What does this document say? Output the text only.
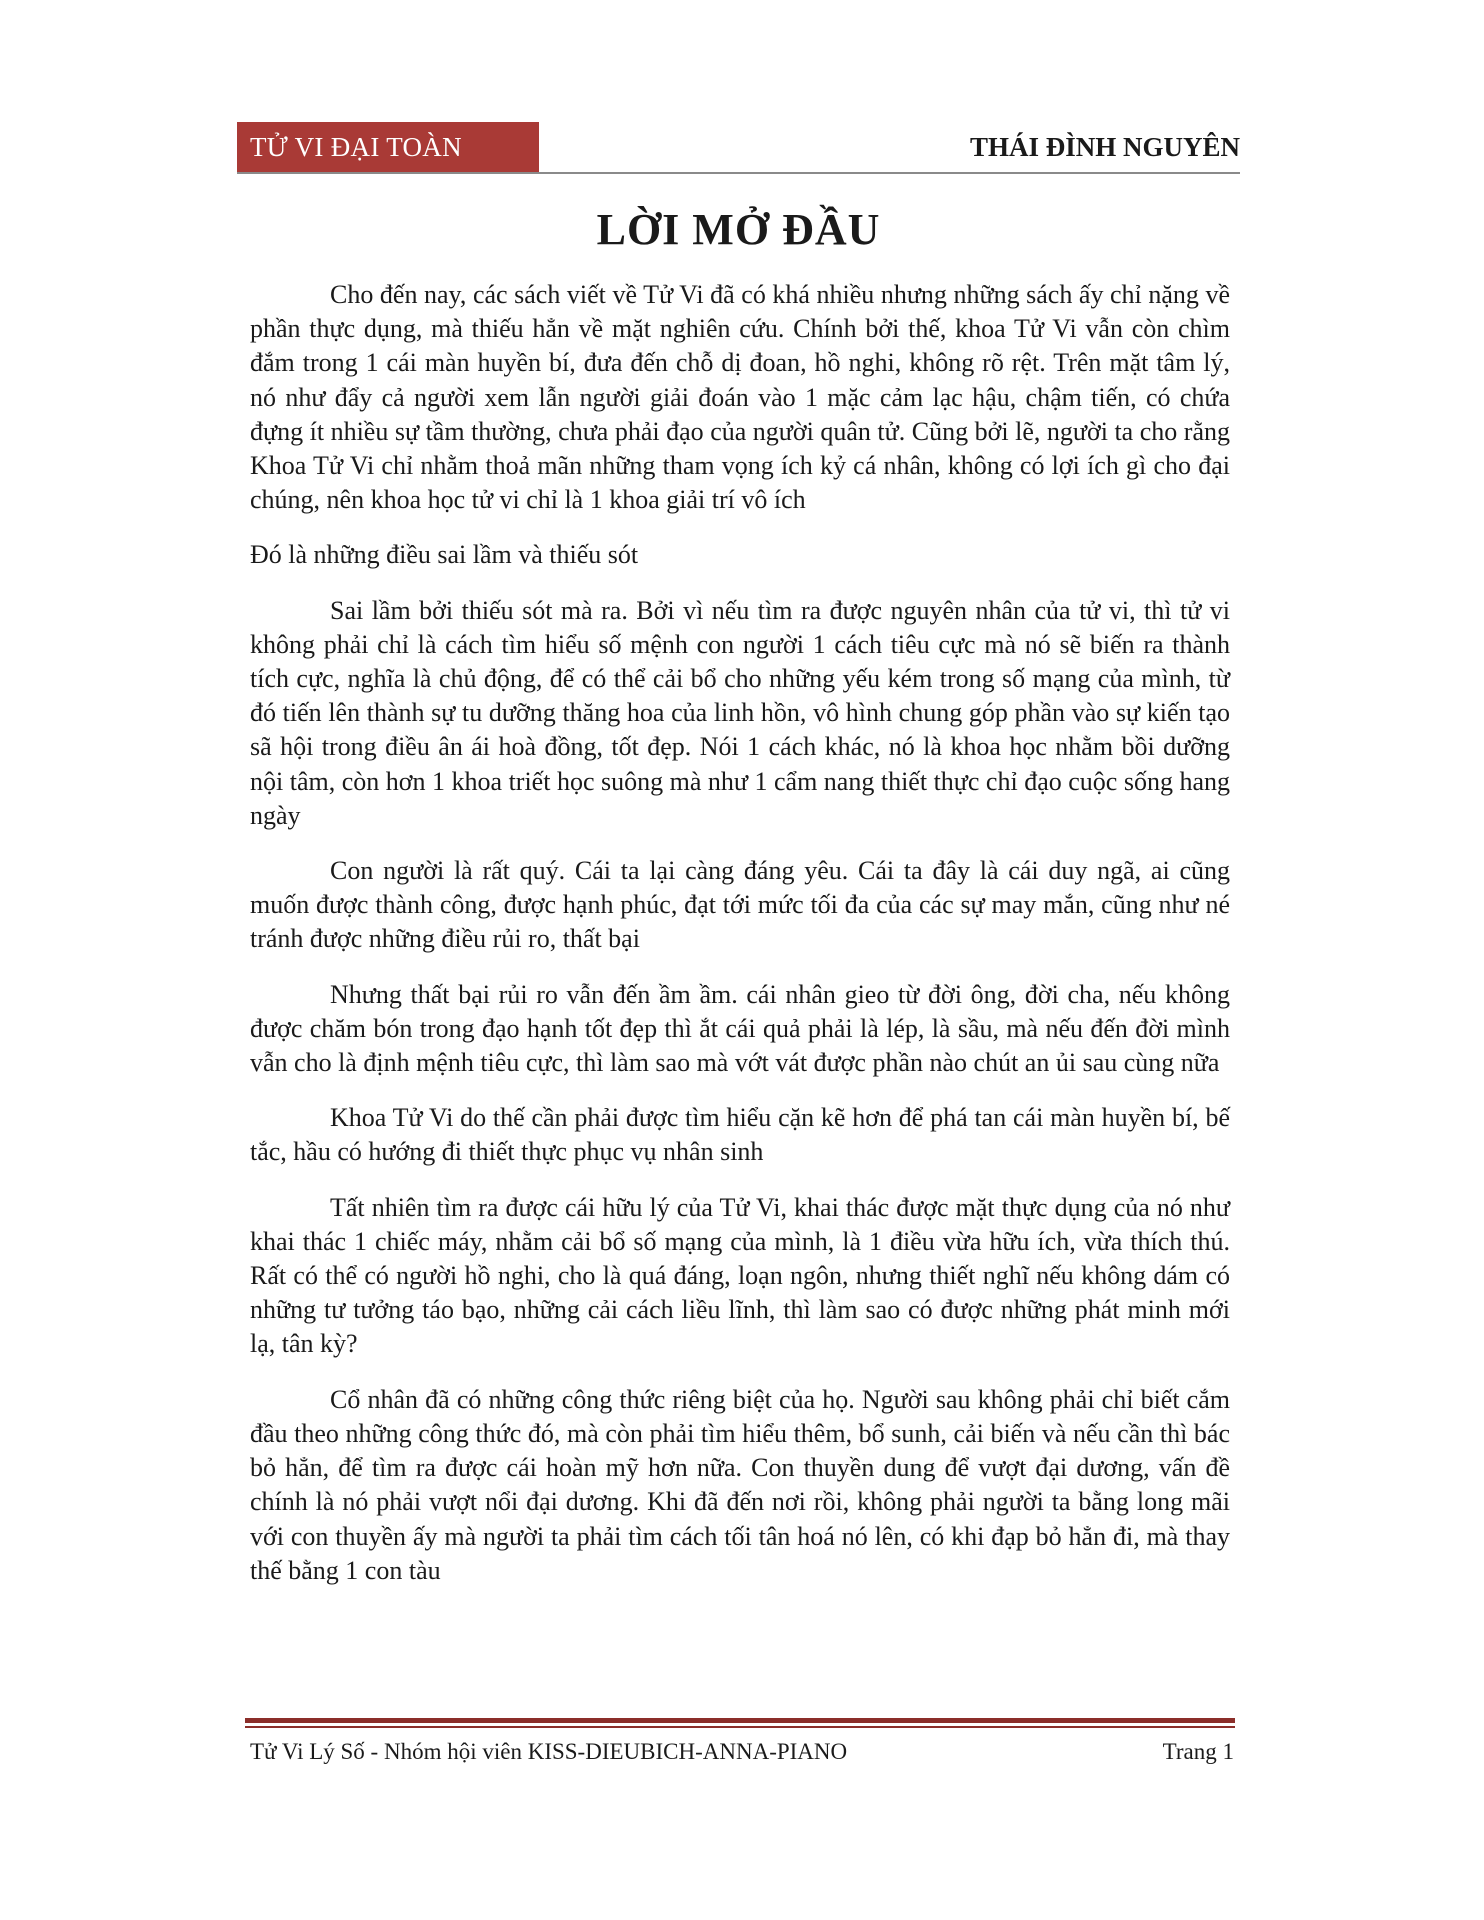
TỬ VI ĐẠI TOÀN	THÁI ĐÌNH NGUYÊN
LỜI MỞ ĐẦU

Cho đến nay, các sách viết về Tử Vi đã có khá nhiều nhưng những sách ấy chỉ nặng về phần thực dụng, mà thiếu hẳn về mặt nghiên cứu. Chính bởi thế, khoa Tử Vi vẫn còn chìm đắm trong 1 cái màn huyền bí, đưa đến chỗ dị đoan, hồ nghi, không rõ rệt. Trên mặt tâm lý, nó như đẩy cả người xem lẫn người giải đoán vào 1 mặc cảm lạc hậu, chậm tiến, có chứa đựng ít nhiều sự tầm thường, chưa phải đạo của người quân tử. Cũng bởi lẽ, người ta cho rằng Khoa Tử Vi chỉ nhằm thoả mãn những tham vọng ích kỷ cá nhân, không có lợi ích gì cho đại chúng, nên khoa học tử vi chỉ là 1 khoa giải trí vô ích

Đó là những điều sai lầm và thiếu sót

Sai lầm bởi thiếu sót mà ra. Bởi vì nếu tìm ra được nguyên nhân của tử vi, thì tử vi không phải chỉ là cách tìm hiểu số mệnh con người 1 cách tiêu cực mà nó sẽ biến ra thành tích cực, nghĩa là chủ động, để có thể cải bổ cho những yếu kém trong số mạng của mình, từ đó tiến lên thành sự tu dưỡng thăng hoa của linh hồn, vô hình chung góp phần vào sự kiến tạo sã hội trong điều ân ái hoà đồng, tốt đẹp. Nói 1 cách khác, nó là khoa học nhằm bồi dưỡng nội tâm, còn hơn 1 khoa triết học suông mà như 1 cẩm nang thiết thực chỉ đạo cuộc sống hang ngày

Con người là rất quý. Cái ta lại càng đáng yêu. Cái ta đây là cái duy ngã, ai cũng muốn được thành công, được hạnh phúc, đạt tới mức tối đa của các sự may mắn, cũng như né tránh được những điều rủi ro, thất bại

Nhưng thất bại rủi ro vẫn đến ầm ầm. cái nhân gieo từ đời ông, đời cha, nếu không được chăm bón trong đạo hạnh tốt đẹp thì ắt cái quả phải là lép, là sầu, mà nếu đến đời mình vẫn cho là định mệnh tiêu cực, thì làm sao mà vớt vát được phần nào chút an ủi sau cùng nữa

Khoa Tử Vi do thế cần phải được tìm hiểu cặn kẽ hơn để phá tan cái màn huyền bí, bế tắc, hầu có hướng đi thiết thực phục vụ nhân sinh

Tất nhiên tìm ra được cái hữu lý của Tử Vi, khai thác được mặt thực dụng của nó như khai thác 1 chiếc máy, nhằm cải bổ số mạng của mình, là 1 điều vừa hữu ích, vừa thích thú. Rất có thể có người hồ nghi, cho là quá đáng, loạn ngôn, nhưng thiết nghĩ nếu không dám có những tư tưởng táo bạo, những cải cách liều lĩnh, thì làm sao có được những phát minh mới lạ, tân kỳ?

Cổ nhân đã có những công thức riêng biệt của họ. Người sau không phải chỉ biết cắm đầu theo những công thức đó, mà còn phải tìm hiểu thêm, bổ sunh, cải biến và nếu cần thì bác bỏ hẳn, để tìm ra được cái hoàn mỹ hơn nữa. Con thuyền dung để vượt đại dương, vấn đề chính là nó phải vượt nổi đại dương. Khi đã đến nơi rồi, không phải người ta bằng long mãi với con thuyền ấy mà người ta phải tìm cách tối tân hoá nó lên, có khi đạp bỏ hẳn đi, mà thay thế bằng 1 con tàu

Tử Vi Lý Số - Nhóm hội viên KISS-DIEUBICH-ANNA-PIANO	Trang 1
